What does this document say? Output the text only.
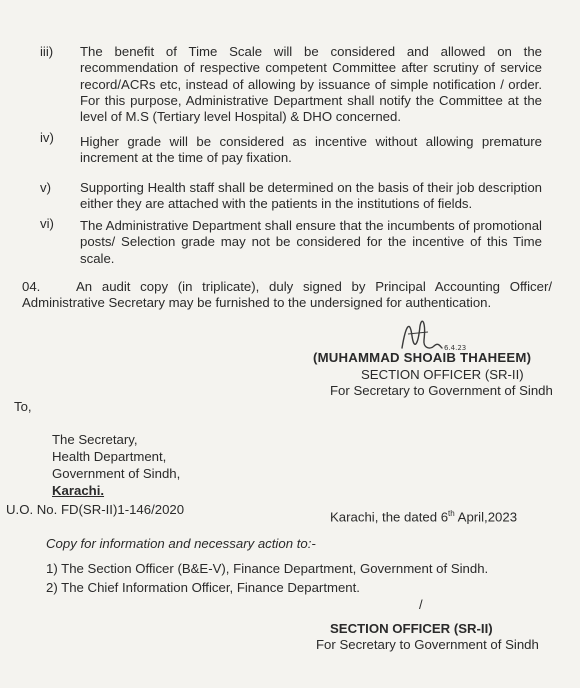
iii) The benefit of Time Scale will be considered and allowed on the recommendation of respective competent Committee after scrutiny of service record/ACRs etc, instead of allowing by issuance of simple notification / order. For this purpose, Administrative Department shall notify the Committee at the level of M.S (Tertiary level Hospital) & DHO concerned.
iv) Higher grade will be considered as incentive without allowing premature increment at the time of pay fixation.
v) Supporting Health staff shall be determined on the basis of their job description either they are attached with the patients in the institutions of fields.
vi) The Administrative Department shall ensure that the incumbents of promotional posts/ Selection grade may not be considered for the incentive of this Time scale.
04.	An audit copy (in triplicate), duly signed by Principal Accounting Officer/ Administrative Secretary may be furnished to the undersigned for authentication.
6.4.23
(MUHAMMAD SHOAIB THAHEEM)
SECTION OFFICER (SR-II)
For Secretary to Government of Sindh
To,
The Secretary,
Health Department,
Government of Sindh,
Karachi.
U.O. No. FD(SR-II)1-146/2020	Karachi, the dated 6th April,2023
Copy for information and necessary action to:-
1) The Section Officer (B&E-V), Finance Department, Government of Sindh.
2) The Chief Information Officer, Finance Department.
/
SECTION OFFICER (SR-II)
For Secretary to Government of Sindh
